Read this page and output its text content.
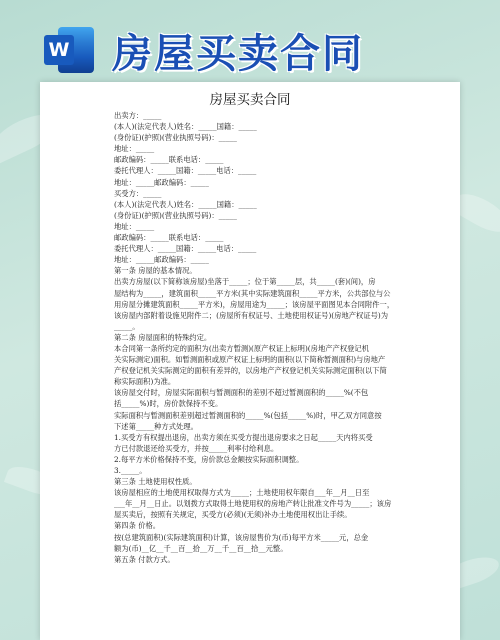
W 房屋买卖合同
房屋买卖合同
出卖方：_____
(本人)(法定代表人)姓名：_____国籍：_____
(身份证)(护照)(营业执照号码)：_____
地址：_____
邮政编码：_____联系电话：_____
委托代理人：_____国籍：_____电话：_____
地址：_____邮政编码：_____
买受方：_____
(本人)(法定代表人)姓名：_____国籍：_____
(身份证)(护照)(营业执照号码)：_____
地址：_____
邮政编码：_____联系电话：_____
委托代理人：_____国籍：_____电话：_____
地址：_____邮政编码：_____
第一条 房屋的基本情况。
出卖方房屋(以下简称该房屋)坐落于_____；位于第_____层，共_____(套)(间)，房
屋结构为_____，建筑面积_____平方米(其中实际建筑面积_____平方米，公共部位与公
用房屋分摊建筑面积_____平方米)，房屋用途为_____；该房屋平面图见本合同附件一，
该房屋内部附着设施见附件二；(房屋所有权证号、土地使用权证号)(房地产权证号)为
_____。
第二条 房屋面积的特殊约定。
本合同第一条所约定的面积为(出卖方暂测)(原产权证上标明)(房地产产权登记机
关实际测定)面积。如暂测面积或原产权证上标明的面积(以下简称暂测面积)与房地产
产权登记机关实际测定的面积有差异的，以房地产产权登记机关实际测定面积(以下简
称实际面积)为准。
该房屋交付时，房屋实际面积与暂测面积的差别不超过暂测面积的_____%(不包
括_____%)时，房价款保持不变。
实际面积与暂测面积差别超过暂测面积的_____%(包括_____%)时，甲乙双方同意按
下述第_____种方式处理。
1.买受方有权提出退房，出卖方须在买受方提出退房要求之日起_____天内将买受
方已付款退还给买受方，并按_____利率付给利息。
2.每平方米价格保持不变，房价款总金额按实际面积调整。
3._____。
第三条 土地使用权性质。
该房屋相应的土地使用权取得方式为_____；土地使用权年限自___年__月__日至
___年__月__日止。以划拨方式取得土地使用权的房地产转让批准文件号为_____；该房
屋买卖后，按照有关规定，买受方(必须)(无须)补办土地使用权出让手续。
第四条 价格。
按(总建筑面积)(实际建筑面积)计算，该房屋售价为(币)每平方米_____元，总金
额为(币)__亿__千__百__拾__万__千__百__拾__元整。
第五条 付款方式。
